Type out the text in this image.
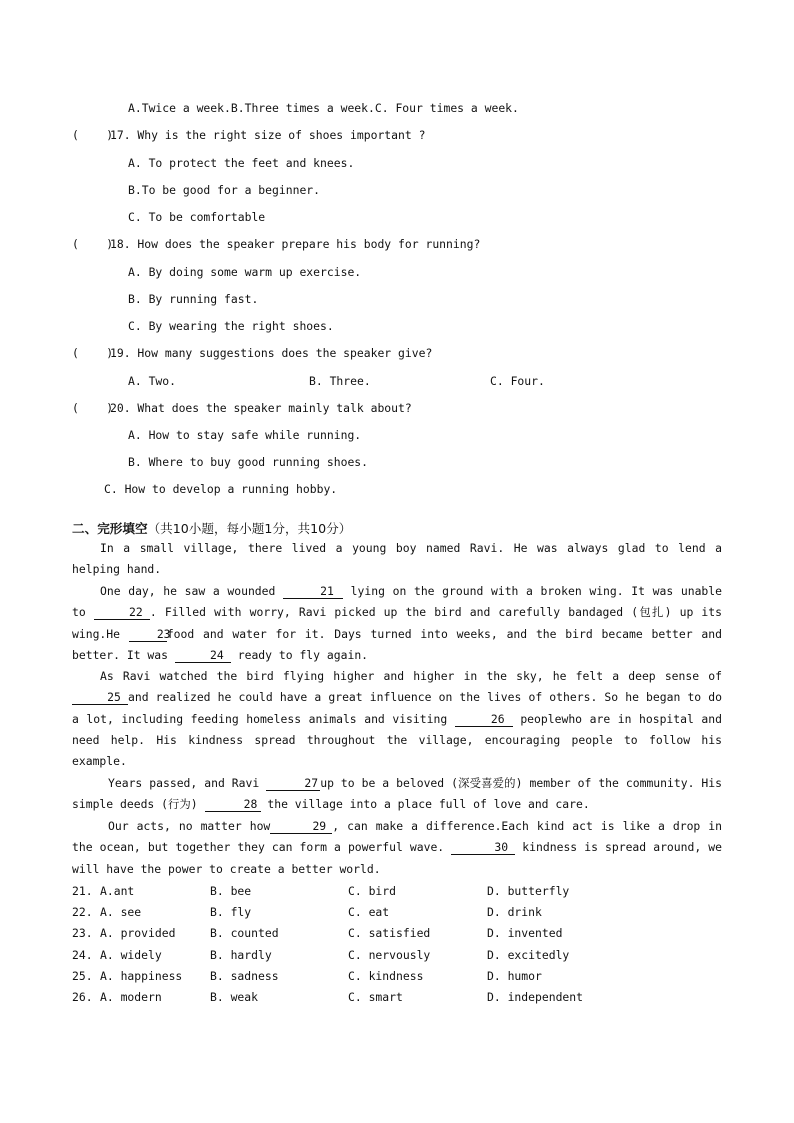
A.Twice a week.B.Three times a week.C. Four times a week.
(    )
17. Why is the right size of shoes important ?
A. To protect the feet and knees.
B.To be good for a beginner.
C. To be comfortable
(    )
18. How does the speaker prepare his body for running?
A. By doing some warm up exercise.
B. By running fast.
C. By wearing the right shoes.
(    )
19. How many suggestions does the speaker give?
A. Two.	B. Three.	C. Four.
(    )
20. What does the speaker mainly talk about?
A. How to stay safe while running.
B. Where to buy good running shoes.
C. How to develop a running hobby.
二、完形填空（共10小题，每小题1分，共10分）
In a small village, there lived a young boy named Ravi. He was always glad to lend a helping hand.
One day, he saw a wounded	21 lying on the ground with a broken wing. It was unable to	22 . Filled with worry, Ravi picked up the bird and carefully bandaged (包扎) up its wing.He 23food and water for it. Days turned into weeks, and the bird became better and better. It was	24 ready to fly again.
As Ravi watched the bird flying higher and higher in the sky, he felt a deep sense of 25 and realized he could have a great influence on the lives of others. So he began to do a lot, including feeding homeless animals and visiting	26 peoplewho are in hospital and need help. His kindness spread throughout the village, encouraging people to follow his example.
Years passed, and Ravi	27 up to be a beloved (深受喜爱的) member of the community. His simple deeds (行为)	28 the village into a place full of love and care.
Our acts, no matter how	29 , can make a difference.Each kind act is like a drop in the ocean, but together they can form a powerful wave.	30 kindness is spread around, we will have the power to create a better world.
21. A.ant	B. bee	C. bird	D. butterfly
22. A. see	B. fly	C. eat	D. drink
23. A. provided	B. counted	C. satisfied	D. invented
24. A. widely	B. hardly	C. nervously	D. excitedly
25. A. happiness B. sadness	C. kindness	D. humor
26. A. modern	B. weak	C. smart	D. independent
